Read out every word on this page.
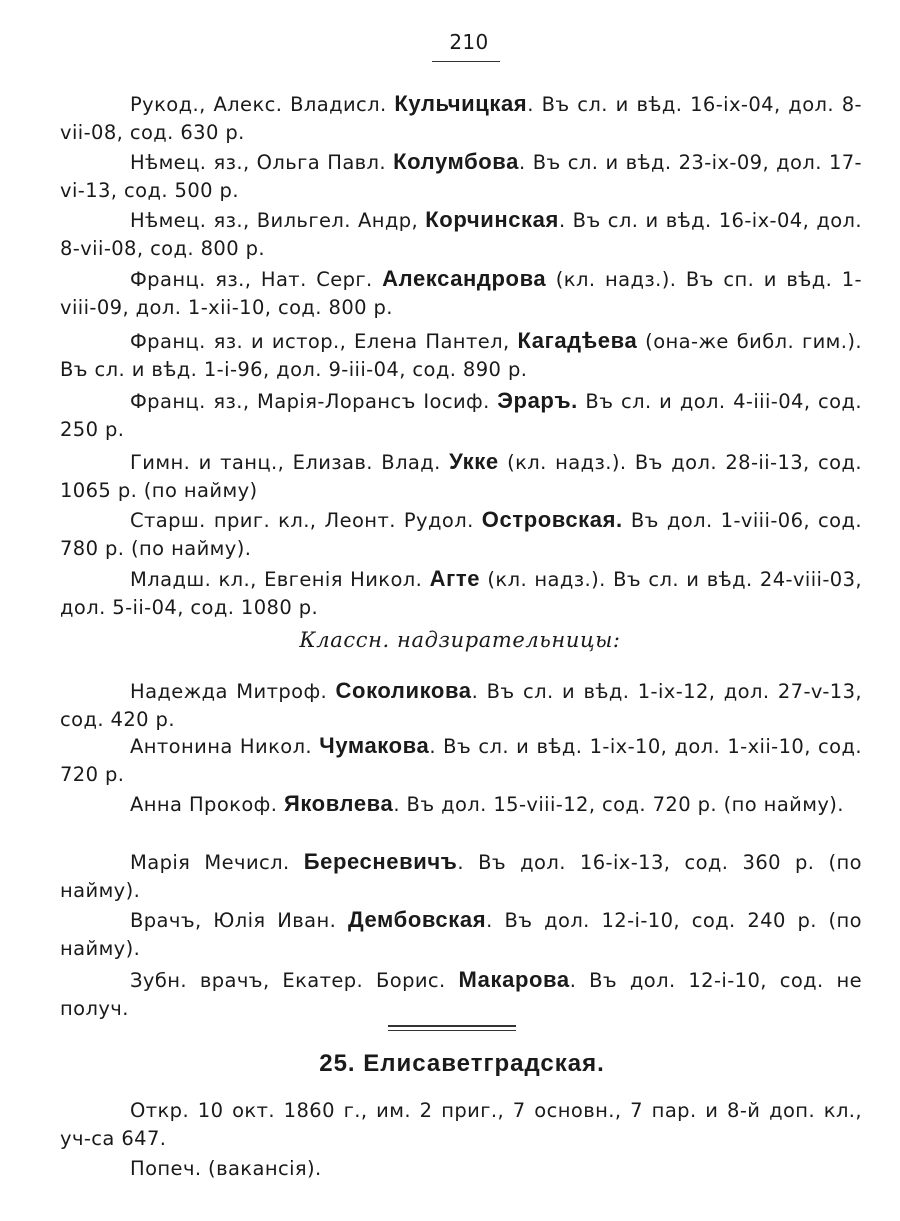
210

Рукод., Алекс. Владисл. Кульчицкая. Въ сл. и вѣд. 16-ix-04, дол. 8-vii-08, сод. 630 р.

Нѣмец. яз., Ольга Павл. Колумбова. Въ сл. и вѣд. 23-ix-09, дол. 17-vi-13, сод. 500 р.

Нѣмец. яз., Вильгел. Андр, Корчинская. Въ сл. и вѣд. 16-ix-04, дол. 8-vii-08, сод. 800 р.

Франц. яз., Нат. Серг. Александрова (кл. надз.). Въ сп. и вѣд. 1-viii-09, дол. 1-xii-10, сод. 800 р.

Франц. яз. и истор., Елена Пантел, Кагадѣева (она-же библ. гим.). Въ сл. и вѣд. 1-i-96, дол. 9-iii-04, сод. 890 р.

Франц. яз., Марія-Лорансъ Іосиф. Эраръ. Въ сл. и дол. 4-iii-04, сод. 250 р.

Гимн. и танц., Елизав. Влад. Укке (кл. надз.). Въ дол. 28-ii-13, сод. 1065 р. (по найму)

Старш. приг. кл., Леонт. Рудол. Островская. Въ дол. 1-viii-06, сод. 780 р. (по найму).

Младш. кл., Евгенія Никол. Агте (кл. надз.). Въ сл. и вѣд. 24-viii-03, дол. 5-ii-04, сод. 1080 р.

Классн. надзирательницы:

Надежда Митроф. Соколикова. Въ сл. и вѣд. 1-ix-12, дол. 27-v-13, сод. 420 р.

Антонина Никол. Чумакова. Въ сл. и вѣд. 1-ix-10, дол. 1-xii-10, сод. 720 р.

Анна Прокоф. Яковлева. Въ дол. 15-viii-12, сод. 720 р. (по найму).

Марія Мечисл. Бересневичъ. Въ дол. 16-ix-13, сод. 360 р. (по найму).

Врачъ, Юлія Иван. Дембовская. Въ дол. 12-i-10, сод. 240 р. (по найму).

Зубн. врачъ, Екатер. Борис. Макарова. Въ дол. 12-i-10, сод. не получ.

25. Елисаветградская.

Откр. 10 окт. 1860 г., им. 2 приг., 7 основн., 7 пар. и 8-й доп. кл., уч-са 647.

Попеч. (вакансія).
